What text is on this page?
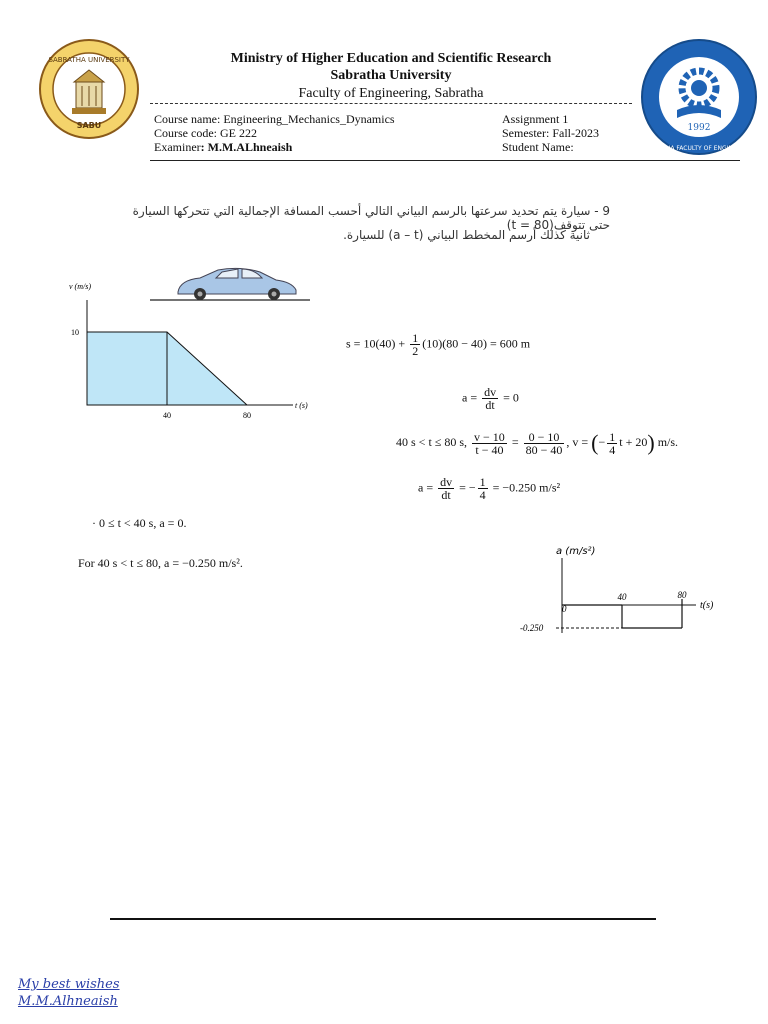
SABRATHA UNIVERSITY
SABU	1992
SABRATHA FACULTY OF ENGINEERING
Ministry of Higher Education and Scientific Research
Sabratha University
Faculty of Engineering, Sabratha
Course name: Engineering_Mechanics_Dynamics
Course code: GE 222
Examiner: M.M.ALhneaish
Assignment 1
Semester: Fall-2023
Student Name:
9 - سيارة يتم تحديد سرعتها بالرسم البياني التالي أحسب المسافة الإجمالية التي تتحركها السيارة حتى تتوقف(80 = t)
ثانية كذلك أرسم المخطط البياني (a – t) للسيارة.
v (m/s)
t (s)
10
40	80
$s = 10(40) + \frac{1}{2} (10)(80 - 40) = 600$ m
$a = \frac{dv}{dt} = 0$
40 s < t ≤ 80 s, $\frac{v - 10}{t - 40} = \frac{0 - 10}{80 - 40}$ , v = (− $\frac{1}{4}$ t + 20) m/s.
$a = \frac{dv}{dt}$ = − $\frac{1}{4} = -0.250$ m/s²
· 0 ≤ t < 40 s, a = 0.
For 40 s < t ≤ 80, a = −0.250 m/s².
a (m/s²)
0
-0.250
40	80
t(s)
My best wishes
M.M.Alhneaish
